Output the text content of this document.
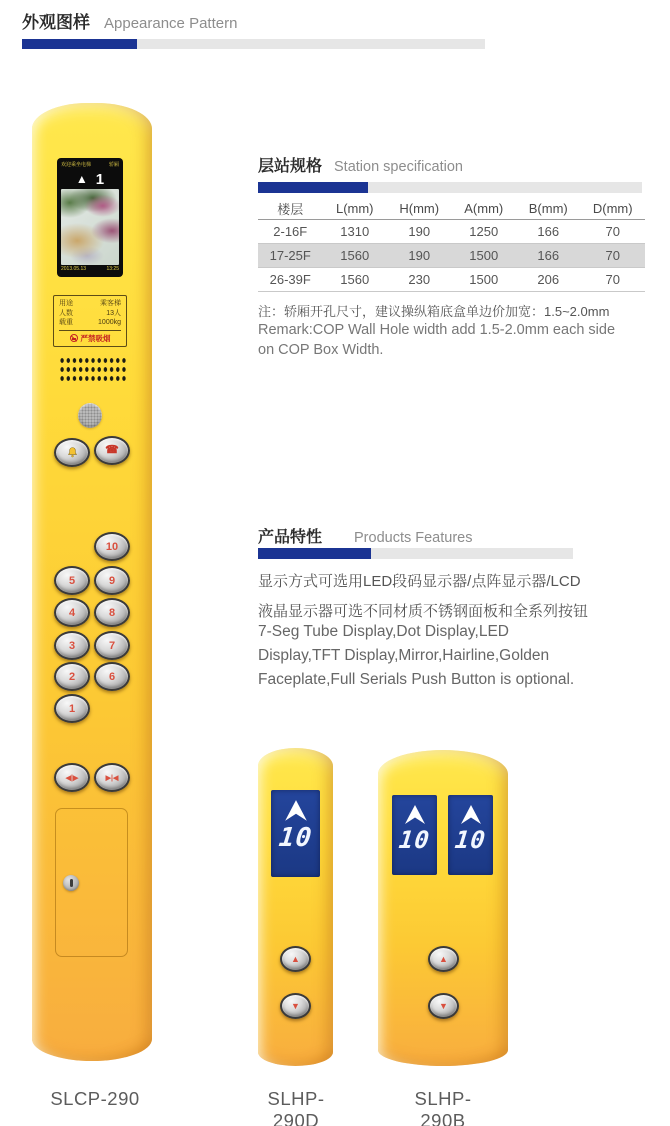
外观图样 Appearance Pattern
欢迎乘坐电梯	轿厢
▲ 1
2013.05.13	13:25
用途	乘客梯
人数	13人
载重	1000kg
严禁吸烟
☎
10
5	9
4	8
3	7
2	6
1
◀|▶	▶|◀
层站规格 Station specification
楼层	L(mm)	H(mm)	A(mm)	B(mm)	D(mm)
2-16F	1310	190	1250	166	70
17-25F	1560	190	1500	166	70
26-39F	1560	230	1500	206	70
注：轿厢开孔尺寸，建议操纵箱底盒单边价加宽：1.5~2.0mm
Remark:COP Wall Hole width add 1.5-2.0mm each side
on COP Box Width.
产品特性 Products Features
显示方式可选用LED段码显示器/点阵显示器/LCD
液晶显示器可选不同材质不锈钢面板和全系列按钮
7-Seg Tube Display,Dot Display,LED
Display,TFT Display,Mirror,Hairline,Golden
Faceplate,Full Serials Push Button is optional.
10
▲
▼
10 10
▲
▼
SLCP-290	SLHP-290D
SLHP-290B
